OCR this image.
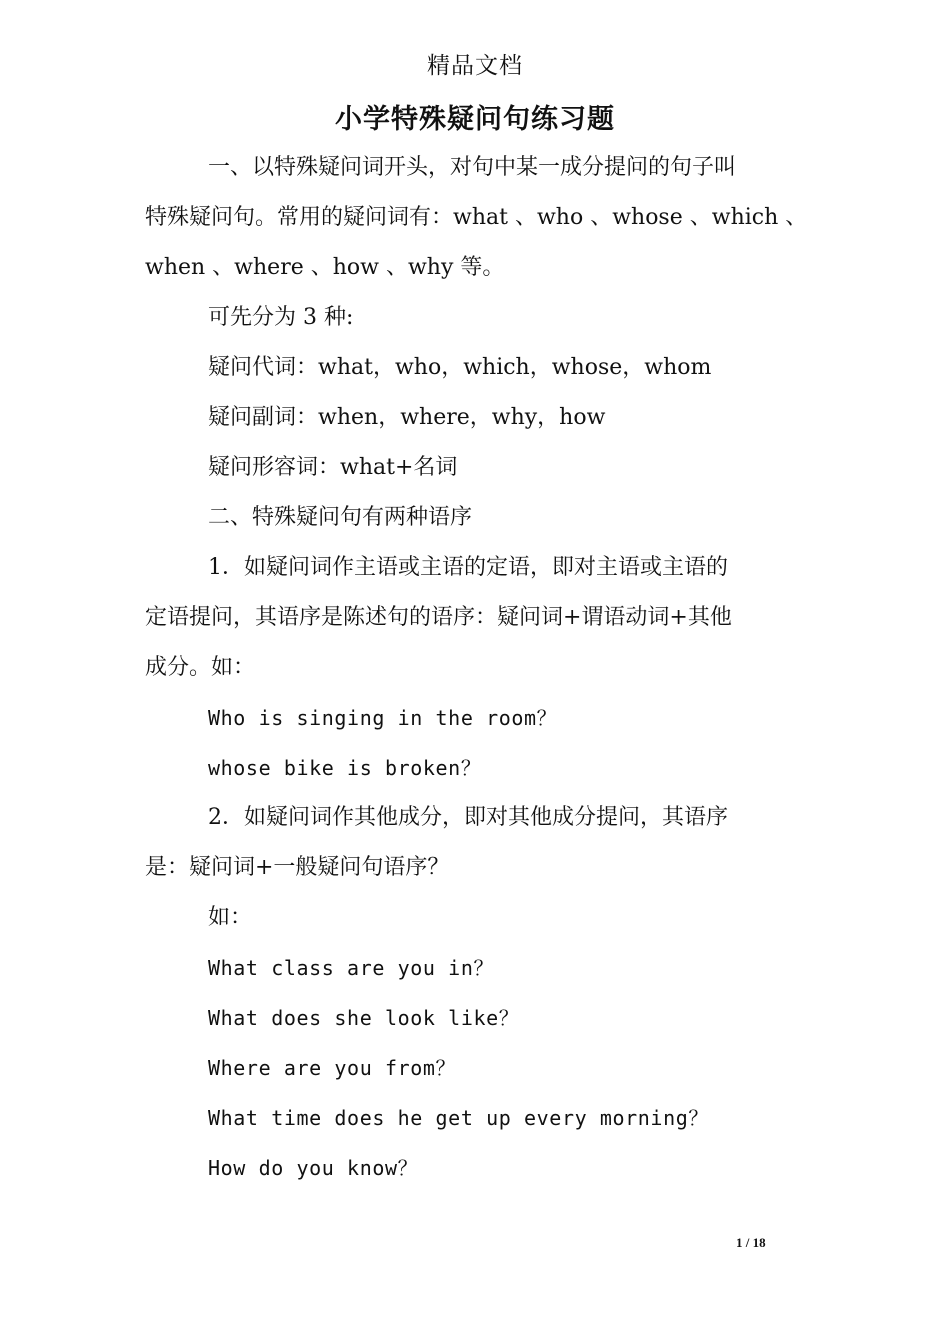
精品文档
小学特殊疑问句练习题
一、以特殊疑问词开头，对句中某一成分提问的句子叫
特殊疑问句。常用的疑问词有：what 、who 、whose 、which 、
when 、where 、how 、why 等。
可先分为 3 种:
疑问代词：what，who，which，whose，whom
疑问副词：when，where，why，how
疑问形容词：what+名词
二、特殊疑问句有两种语序
1．如疑问词作主语或主语的定语，即对主语或主语的
定语提问，其语序是陈述句的语序：疑问词+谓语动词+其他
成分。如：
Who is singing in the room？
whose bike is broken？
2．如疑问词作其他成分，即对其他成分提问，其语序
是：疑问词+一般疑问句语序？
如：
What class are you in？
What does she look like？
Where are you from？
What time does he get up every morning？
How do you know？
1 / 18
